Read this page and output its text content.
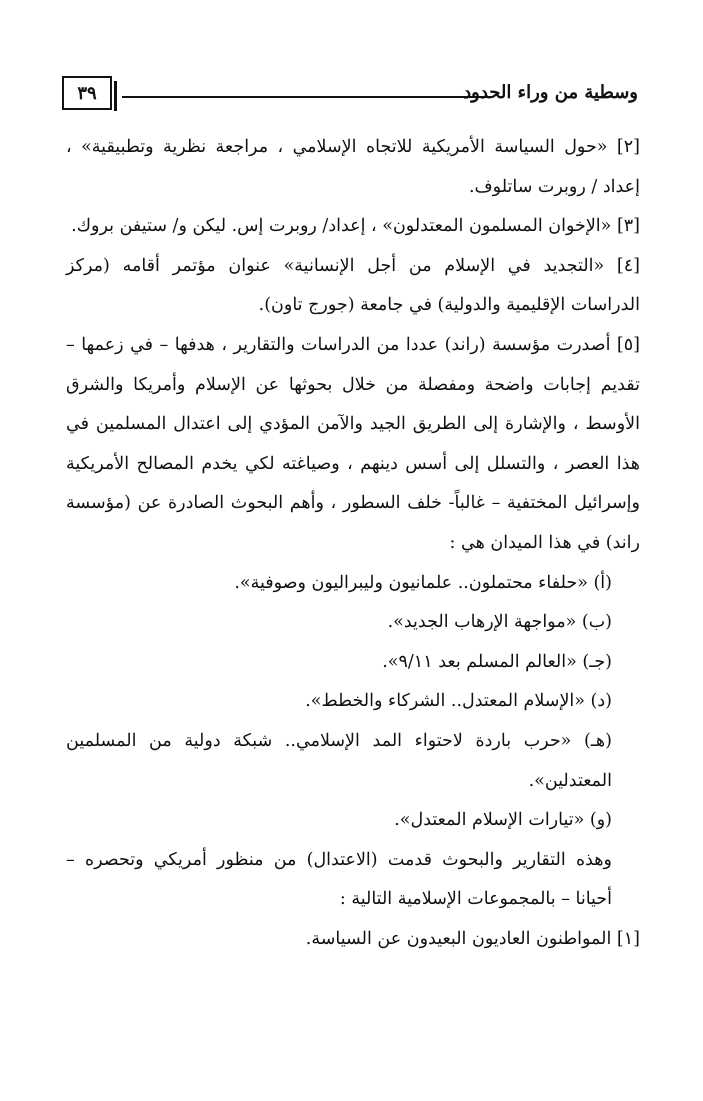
٣٩	وسطية من وراء الحدود

[٢] «حول السياسة الأمريكية للاتجاه الإسلامي ، مراجعة نظرية وتطبيقية» ، إعداد / روبرت ساتلوف.

[٣] «الإخوان المسلمون المعتدلون» ، إعداد/ روبرت إس. ليكن و/ ستيفن بروك.

[٤] «التجديد في الإسلام من أجل الإنسانية» عنوان مؤتمر أقامه (مركز الدراسات الإقليمية والدولية) في جامعة (جورج تاون).

[٥] أصدرت مؤسسة (راند) عددا من الدراسات والتقارير ، هدفها – في زعمها – تقديم إجابات واضحة ومفصلة من خلال بحوثها عن الإسلام وأمريكا والشرق الأوسط ، والإشارة إلى الطريق الجيد والآمن المؤدي إلى اعتدال المسلمين في هذا العصر ، والتسلل إلى أسس دينهم ، وصياغته لكي يخدم المصالح الأمريكية وإسرائيل المختفية – غالباً- خلف السطور ، وأهم البحوث الصادرة عن (مؤسسة راند) في هذا الميدان هي :

(أ) «حلفاء محتملون.. علمانيون وليبراليون وصوفية».

(ب) «مواجهة الإرهاب الجديد».

(جـ) «العالم المسلم بعد ٩/١١».

(د) «الإسلام المعتدل.. الشركاء والخطط».

(هـ) «حرب باردة لاحتواء المد الإسلامي.. شبكة دولية من المسلمين المعتدلين».

(و) «تيارات الإسلام المعتدل».

وهذه التقارير والبحوث قدمت (الاعتدال) من منظور أمريكي وتحصره – أحيانا – بالمجموعات الإسلامية التالية :

[١] المواطنون العاديون البعيدون عن السياسة.
